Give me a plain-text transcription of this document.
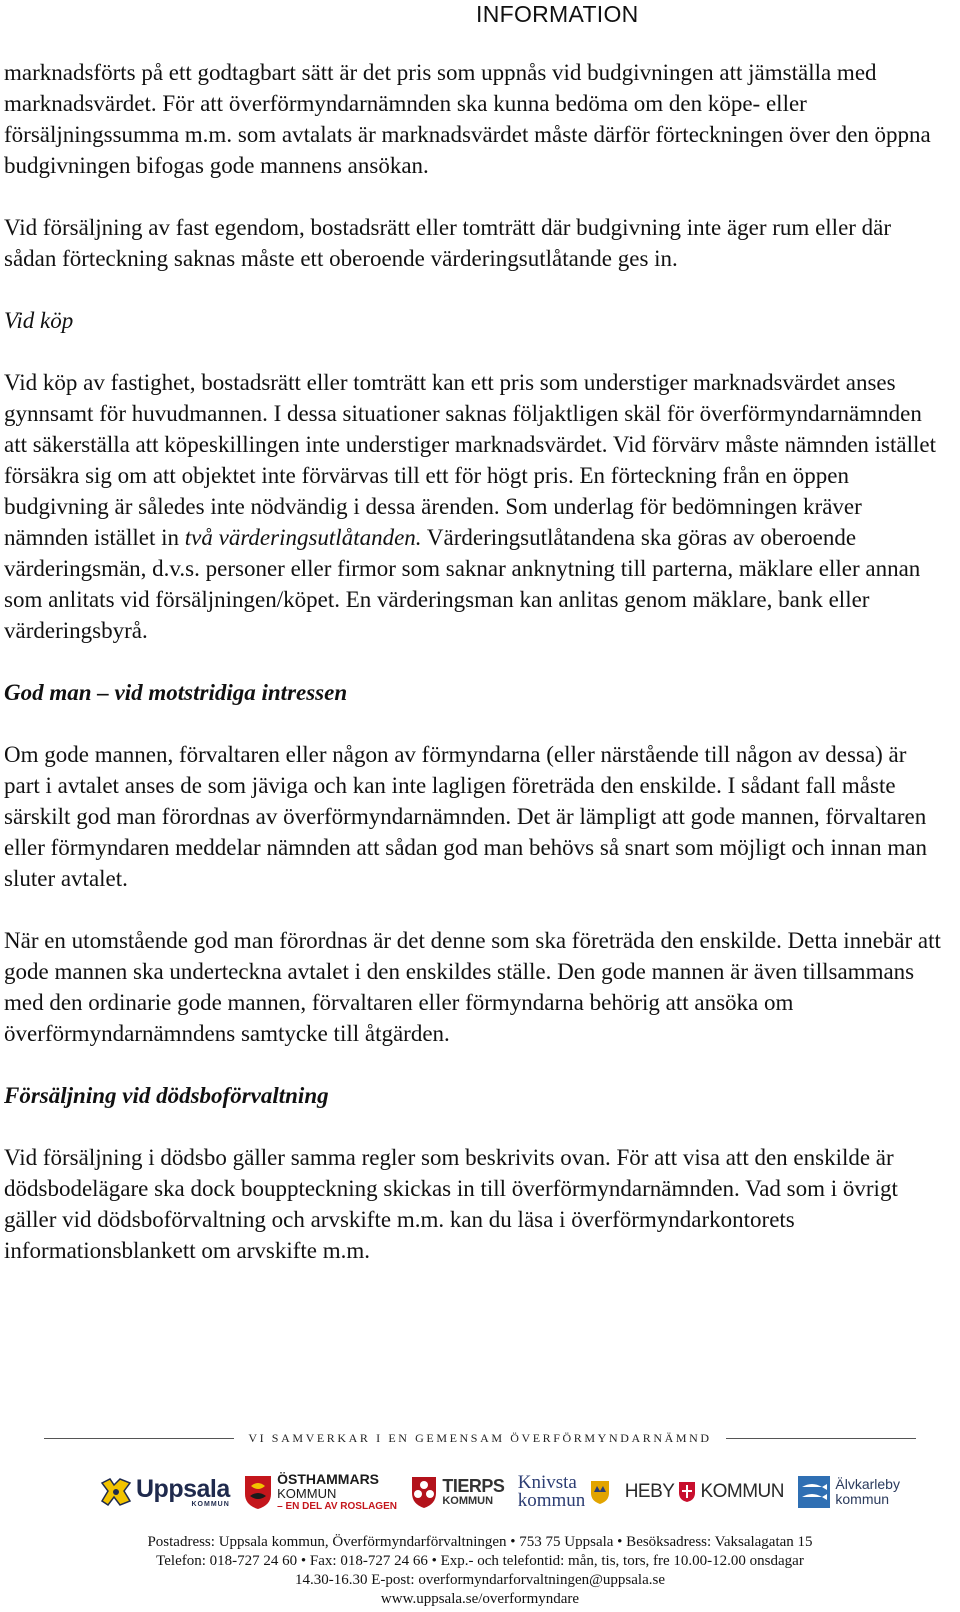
INFORMATION

marknadsförts på ett godtagbart sätt är det pris som uppnås vid budgivningen att jämställa med marknadsvärdet. För att överförmyndarnämnden ska kunna bedöma om den köpe- eller försäljningssumma m.m. som avtalats är marknadsvärdet måste därför förteckningen över den öppna budgivningen bifogas gode mannens ansökan.

Vid försäljning av fast egendom, bostadsrätt eller tomträtt där budgivning inte äger rum eller där sådan förteckning saknas måste ett oberoende värderingsutlåtande ges in.

Vid köp

Vid köp av fastighet, bostadsrätt eller tomträtt kan ett pris som understiger marknadsvärdet anses gynnsamt för huvudmannen. I dessa situationer saknas följaktligen skäl för överförmyndarnämnden att säkerställa att köpeskillingen inte understiger marknadsvärdet. Vid förvärv måste nämnden istället försäkra sig om att objektet inte förvärvas till ett för högt pris. En förteckning från en öppen budgivning är således inte nödvändig i dessa ärenden. Som underlag för bedömningen kräver nämnden istället in två värderingsutlåtanden. Värderingsutlåtandena ska göras av oberoende värderingsmän, d.v.s. personer eller firmor som saknar anknytning till parterna, mäklare eller annan som anlitats vid försäljningen/köpet. En värderingsman kan anlitas genom mäklare, bank eller värderingsbyrå.

God man – vid motstridiga intressen

Om gode mannen, förvaltaren eller någon av förmyndarna (eller närstående till någon av dessa) är part i avtalet anses de som jäviga och kan inte lagligen företräda den enskilde. I sådant fall måste särskilt god man förordnas av överförmyndarnämnden. Det är lämpligt att gode mannen, förvaltaren eller förmyndaren meddelar nämnden att sådan god man behövs så snart som möjligt och innan man sluter avtalet.

När en utomstående god man förordnas är det denne som ska företräda den enskilde. Detta innebär att gode mannen ska underteckna avtalet i den enskildes ställe. Den gode mannen är även tillsammans med den ordinarie gode mannen, förvaltaren eller förmyndarna behörig att ansöka om överförmyndarnämndens samtycke till åtgärden.

Försäljning vid dödsboförvaltning

Vid försäljning i dödsbo gäller samma regler som beskrivits ovan. För att visa att den enskilde är dödsbodelägare ska dock bouppteckning skickas in till överförmyndarnämnden. Vad som i övrigt gäller vid dödsboförvaltning och arvskifte m.m. kan du läsa i överförmyndarkontorets informationsblankett om arvskifte m.m.

VI SAMVERKAR I EN GEMENSAM ÖVERFÖRMYNDARNÄMND
Uppsala
KOMMUN
ÖSTHAMMARS
KOMMUN
– EN DEL AV ROSLAGEN
TIERPS
KOMMUN
Knivsta
kommun HEBY KOMMUN	Älvkarleby
kommun
Postadress: Uppsala kommun, Överförmyndarförvaltningen • 753 75 Uppsala • Besöksadress: Vaksalagatan 15
Telefon: 018-727 24 60 • Fax: 018-727 24 66 • Exp.- och telefontid: mån, tis, tors, fre 10.00-12.00 onsdagar
14.30-16.30 E-post: overformyndarforvaltningen@uppsala.se
www.uppsala.se/overformyndare
